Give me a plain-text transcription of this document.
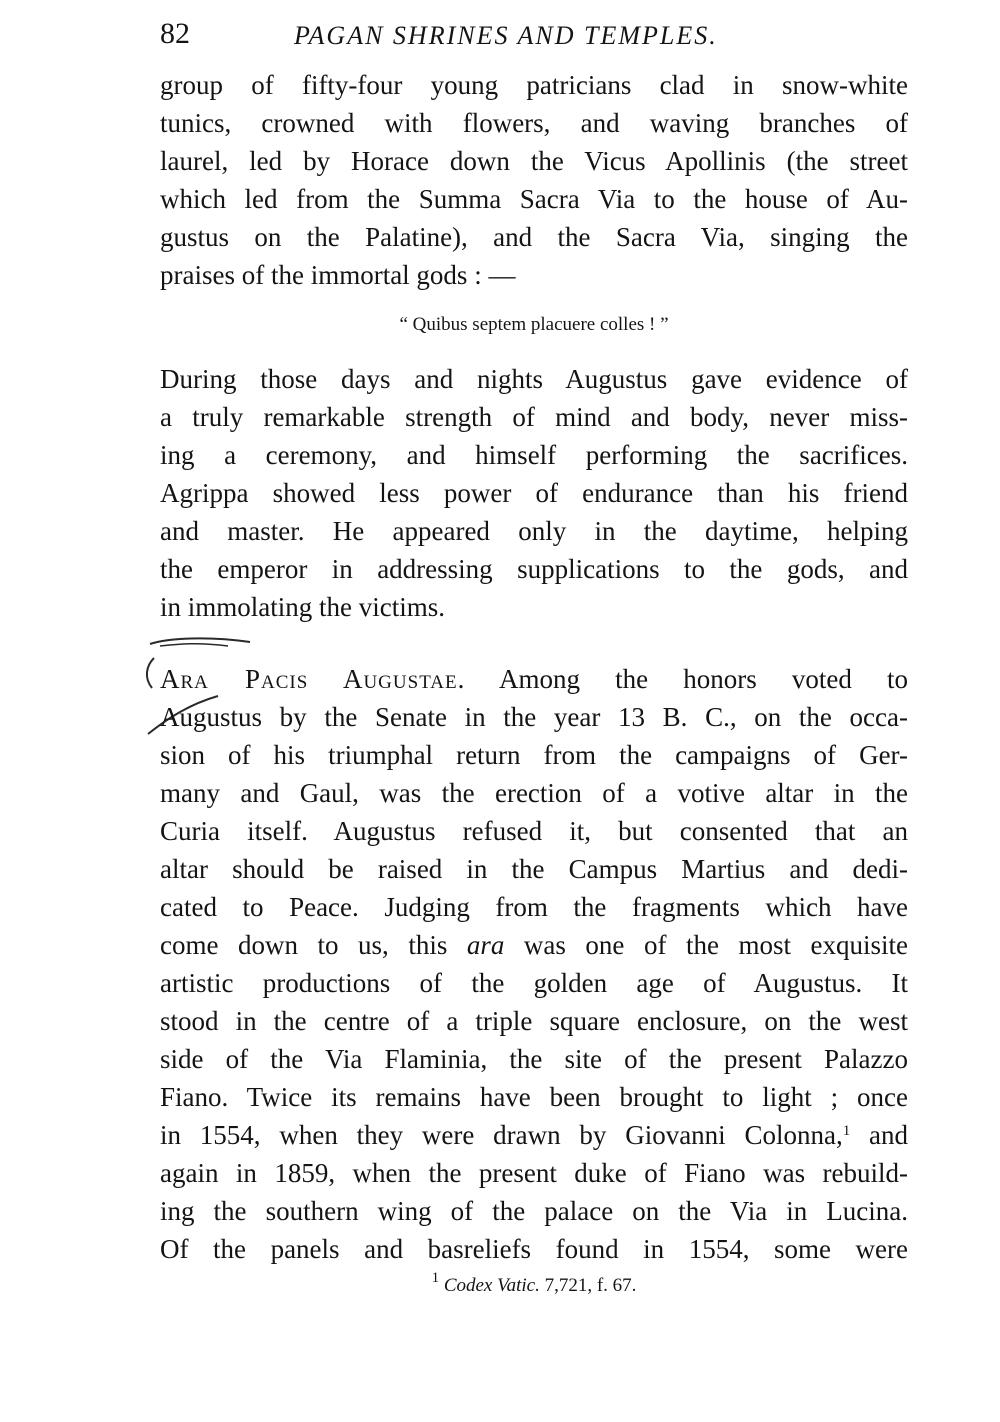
82	PAGAN SHRINES AND TEMPLES.
group of fifty-four young patricians clad in snow-white
tunics, crowned with flowers, and waving branches of
laurel, led by Horace down the Vicus Apollinis (the street
which led from the Summa Sacra Via to the house of Au-
gustus on the Palatine), and the Sacra Via, singing the
praises of the immortal gods : —
“ Quibus septem placuere colles ! ”
During those days and nights Augustus gave evidence of
a truly remarkable strength of mind and body, never miss-
ing a ceremony, and himself performing the sacrifices.
Agrippa showed less power of endurance than his friend
and master. He appeared only in the daytime, helping
the emperor in addressing supplications to the gods, and
in immolating the victims.
Ara Pacis Augustae. Among the honors voted to
Augustus by the Senate in the year 13 B. C., on the occa-
sion of his triumphal return from the campaigns of Ger-
many and Gaul, was the erection of a votive altar in the
Curia itself. Augustus refused it, but consented that an
altar should be raised in the Campus Martius and dedi-
cated to Peace. Judging from the fragments which have
come down to us, this ara was one of the most exquisite
artistic productions of the golden age of Augustus. It
stood in the centre of a triple square enclosure, on the west
side of the Via Flaminia, the site of the present Palazzo
Fiano. Twice its remains have been brought to light ; once
in 1554, when they were drawn by Giovanni Colonna,$^1$ and
again in 1859, when the present duke of Fiano was rebuild-
ing the southern wing of the palace on the Via in Lucina.
Of the panels and basreliefs found in 1554, some were
$^1$ Codex Vatic. 7,721, f. 67.
